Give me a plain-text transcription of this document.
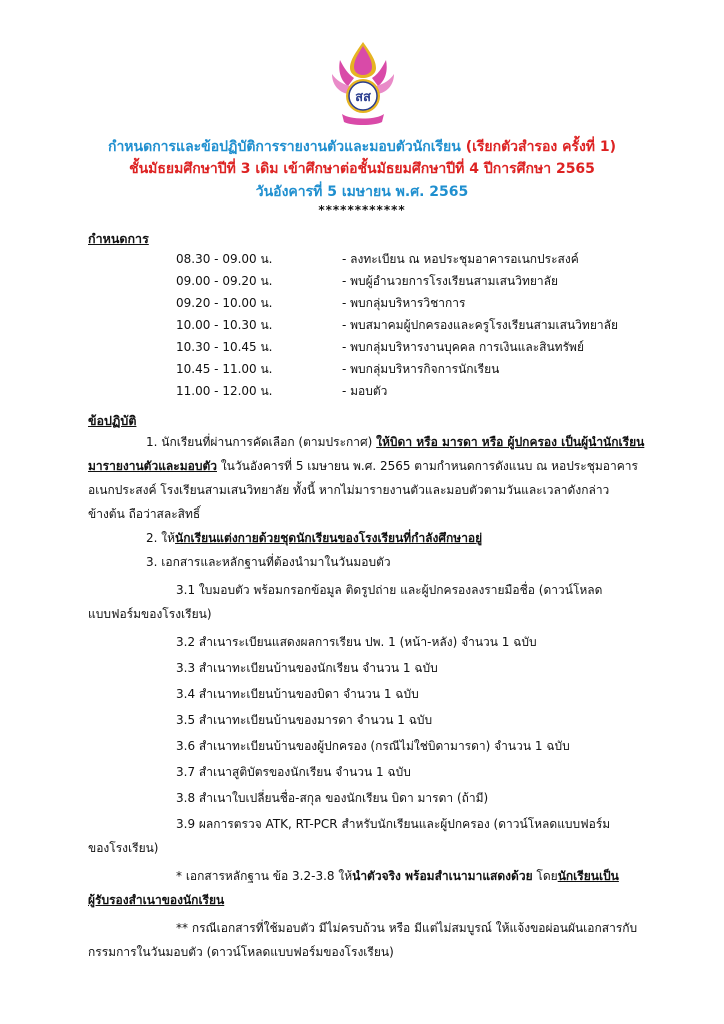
สส
กำหนดการและข้อปฏิบัติการรายงานตัวและมอบตัวนักเรียน (เรียกตัวสำรอง ครั้งที่ 1)
ชั้นมัธยมศึกษาปีที่ 3 เดิม เข้าศึกษาต่อชั้นมัธยมศึกษาปีที่ 4 ปีการศึกษา 2565
วันอังคารที่ 5 เมษายน พ.ศ. 2565
************
กำหนดการ
08.30 - 09.00 น.	- ลงทะเบียน ณ หอประชุมอาคารอเนกประสงค์
09.00 - 09.20 น.	- พบผู้อำนวยการโรงเรียนสามเสนวิทยาลัย
09.20 - 10.00 น.	- พบกลุ่มบริหารวิชาการ
10.00 - 10.30 น.	- พบสมาคมผู้ปกครองและครูโรงเรียนสามเสนวิทยาลัย
10.30 - 10.45 น.	- พบกลุ่มบริหารงานบุคคล การเงินและสินทรัพย์
10.45 - 11.00 น.	- พบกลุ่มบริหารกิจการนักเรียน
11.00 - 12.00 น.	- มอบตัว
ข้อปฏิบัติ
1. นักเรียนที่ผ่านการคัดเลือก (ตามประกาศ) ให้บิดา หรือ มารดา หรือ ผู้ปกครอง เป็นผู้นำนักเรียน
มารายงานตัวและมอบตัว ในวันอังคารที่ 5 เมษายน พ.ศ. 2565 ตามกำหนดการดังแนบ ณ หอประชุมอาคาร
อเนกประสงค์ โรงเรียนสามเสนวิทยาลัย ทั้งนี้ หากไม่มารายงานตัวและมอบตัวตามวันและเวลาดังกล่าว
ข้างต้น ถือว่าสละสิทธิ์
2. ให้นักเรียนแต่งกายด้วยชุดนักเรียนของโรงเรียนที่กำลังศึกษาอยู่
3. เอกสารและหลักฐานที่ต้องนำมาในวันมอบตัว
3.1 ใบมอบตัว พร้อมกรอกข้อมูล ติดรูปถ่าย และผู้ปกครองลงรายมือชื่อ (ดาวน์โหลด
แบบฟอร์มของโรงเรียน)
3.2 สำเนาระเบียนแสดงผลการเรียน ปพ. 1 (หน้า-หลัง) จำนวน 1 ฉบับ
3.3 สำเนาทะเบียนบ้านของนักเรียน จำนวน 1 ฉบับ
3.4 สำเนาทะเบียนบ้านของบิดา จำนวน 1 ฉบับ
3.5 สำเนาทะเบียนบ้านของมารดา จำนวน 1 ฉบับ
3.6 สำเนาทะเบียนบ้านของผู้ปกครอง (กรณีไม่ใช่บิดามารดา) จำนวน 1 ฉบับ
3.7 สำเนาสูติบัตรของนักเรียน จำนวน 1 ฉบับ
3.8 สำเนาใบเปลี่ยนชื่อ-สกุล ของนักเรียน บิดา มารดา (ถ้ามี)
3.9 ผลการตรวจ ATK, RT-PCR สำหรับนักเรียนและผู้ปกครอง (ดาวน์โหลดแบบฟอร์ม
ของโรงเรียน)
* เอกสารหลักฐาน ข้อ 3.2-3.8 ให้นำตัวจริง พร้อมสำเนามาแสดงด้วย โดยนักเรียนเป็น
ผู้รับรองสำเนาของนักเรียน
** กรณีเอกสารที่ใช้มอบตัว มีไม่ครบถ้วน หรือ มีแต่ไม่สมบูรณ์ ให้แจ้งขอผ่อนผันเอกสารกับ
กรรมการในวันมอบตัว (ดาวน์โหลดแบบฟอร์มของโรงเรียน)
